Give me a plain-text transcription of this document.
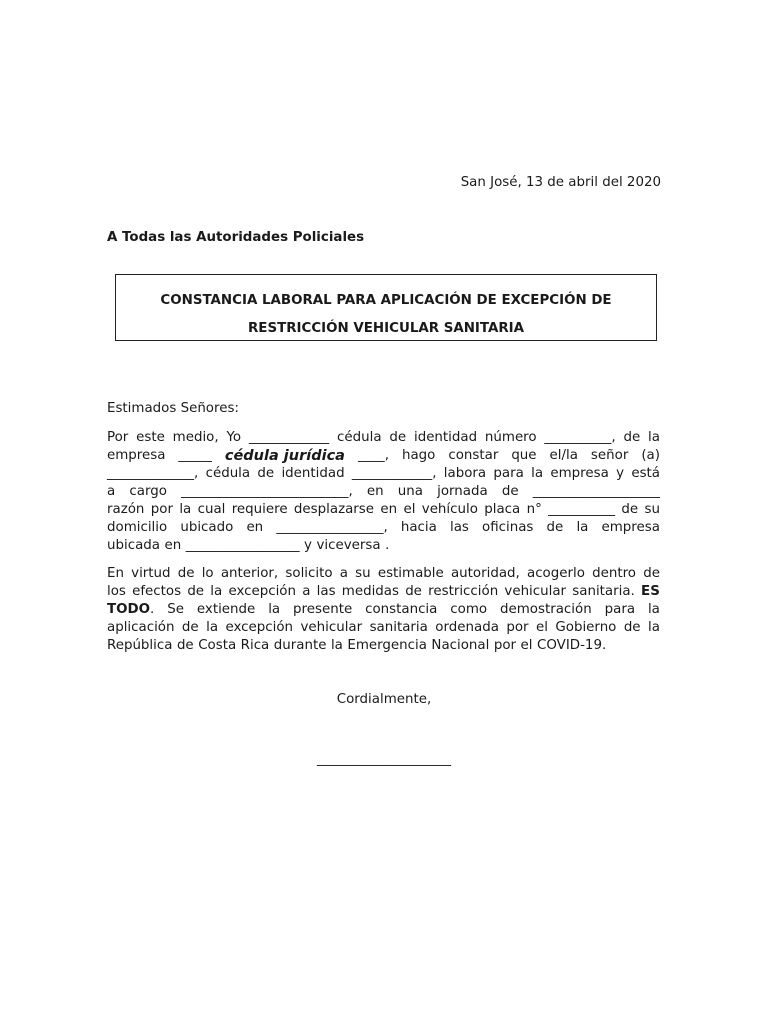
San José, 13 de abril del 2020
A Todas las Autoridades Policiales
CONSTANCIA LABORAL PARA APLICACIÓN DE EXCEPCIÓN DE
RESTRICCIÓN VEHICULAR SANITARIA
Estimados Señores:
Por este medio, Yo ____________ cédula de identidad número __________, de la
empresa _____ cédula jurídica ____, hago constar que el/la señor (a)
_____________, cédula de identidad ____________, labora para la empresa y está
a cargo _________________________, en una jornada de ___________________
razón por la cual requiere desplazarse en el vehículo placa n° __________ de su
domicilio ubicado en ________________, hacia las oficinas de la empresa
ubicada en _________________ y viceversa .
En virtud de lo anterior, solicito a su estimable autoridad, acogerlo dentro de
los efectos de la excepción a las medidas de restricción vehicular sanitaria. ES
TODO. Se extiende la presente constancia como demostración para la
aplicación de la excepción vehicular sanitaria ordenada por el Gobierno de la
República de Costa Rica durante la Emergencia Nacional por el COVID-19.
Cordialmente,
____________________
